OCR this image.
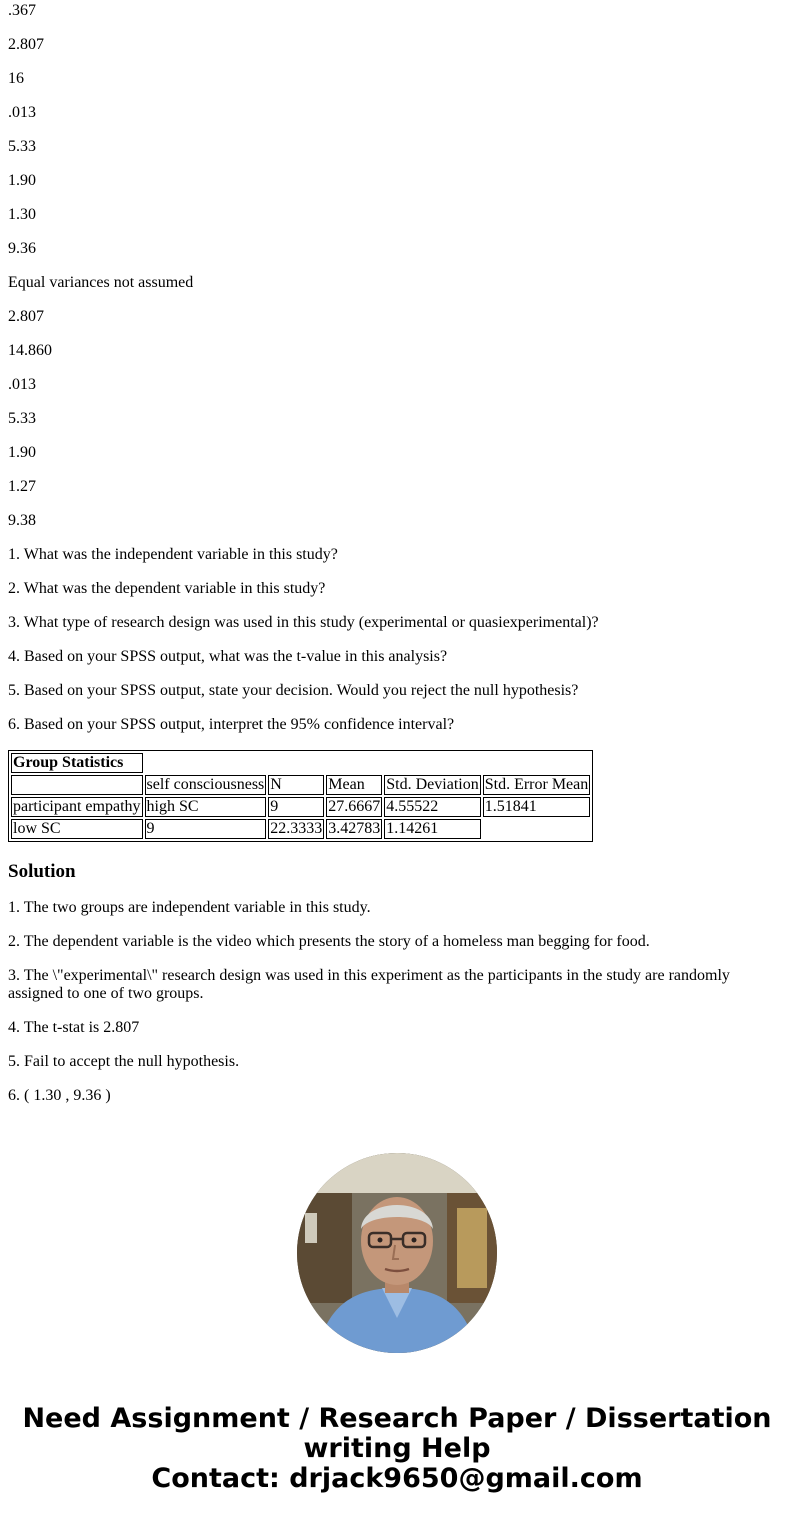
.367

2.807

16

.013

5.33

1.90

1.30

9.36

Equal variances not assumed

2.807

14.860

.013

5.33

1.90

1.27

9.38

1. What was the independent variable in this study?

2. What was the dependent variable in this study?

3. What type of research design was used in this study (experimental or quasiexperimental)?

4. Based on your SPSS output, what was the t-value in this analysis?

5. Based on your SPSS output, state your decision. Would you reject the null hypothesis?

6. Based on your SPSS output, interpret the 95% confidence interval?

Group Statistics					
	self consciousness	N	Mean	Std. Deviation	Std. Error Mean
participant empathy	high SC	9	27.6667	4.55522	1.51841
low SC	9	22.3333	3.42783	1.14261	
Solution

1. The two groups are independent variable in this study.

2. The dependent variable is the video which presents the story of a homeless man begging for food.

3. The \"experimental\" research design was used in this experiment as the participants in the study are randomly assigned to one of two groups.

4. The t-stat is 2.807

5. Fail to accept the null hypothesis.

6. ( 1.30 , 9.36 )

Need Assignment / Research Paper / Dissertation
writing Help
Contact: drjack9650@gmail.com
